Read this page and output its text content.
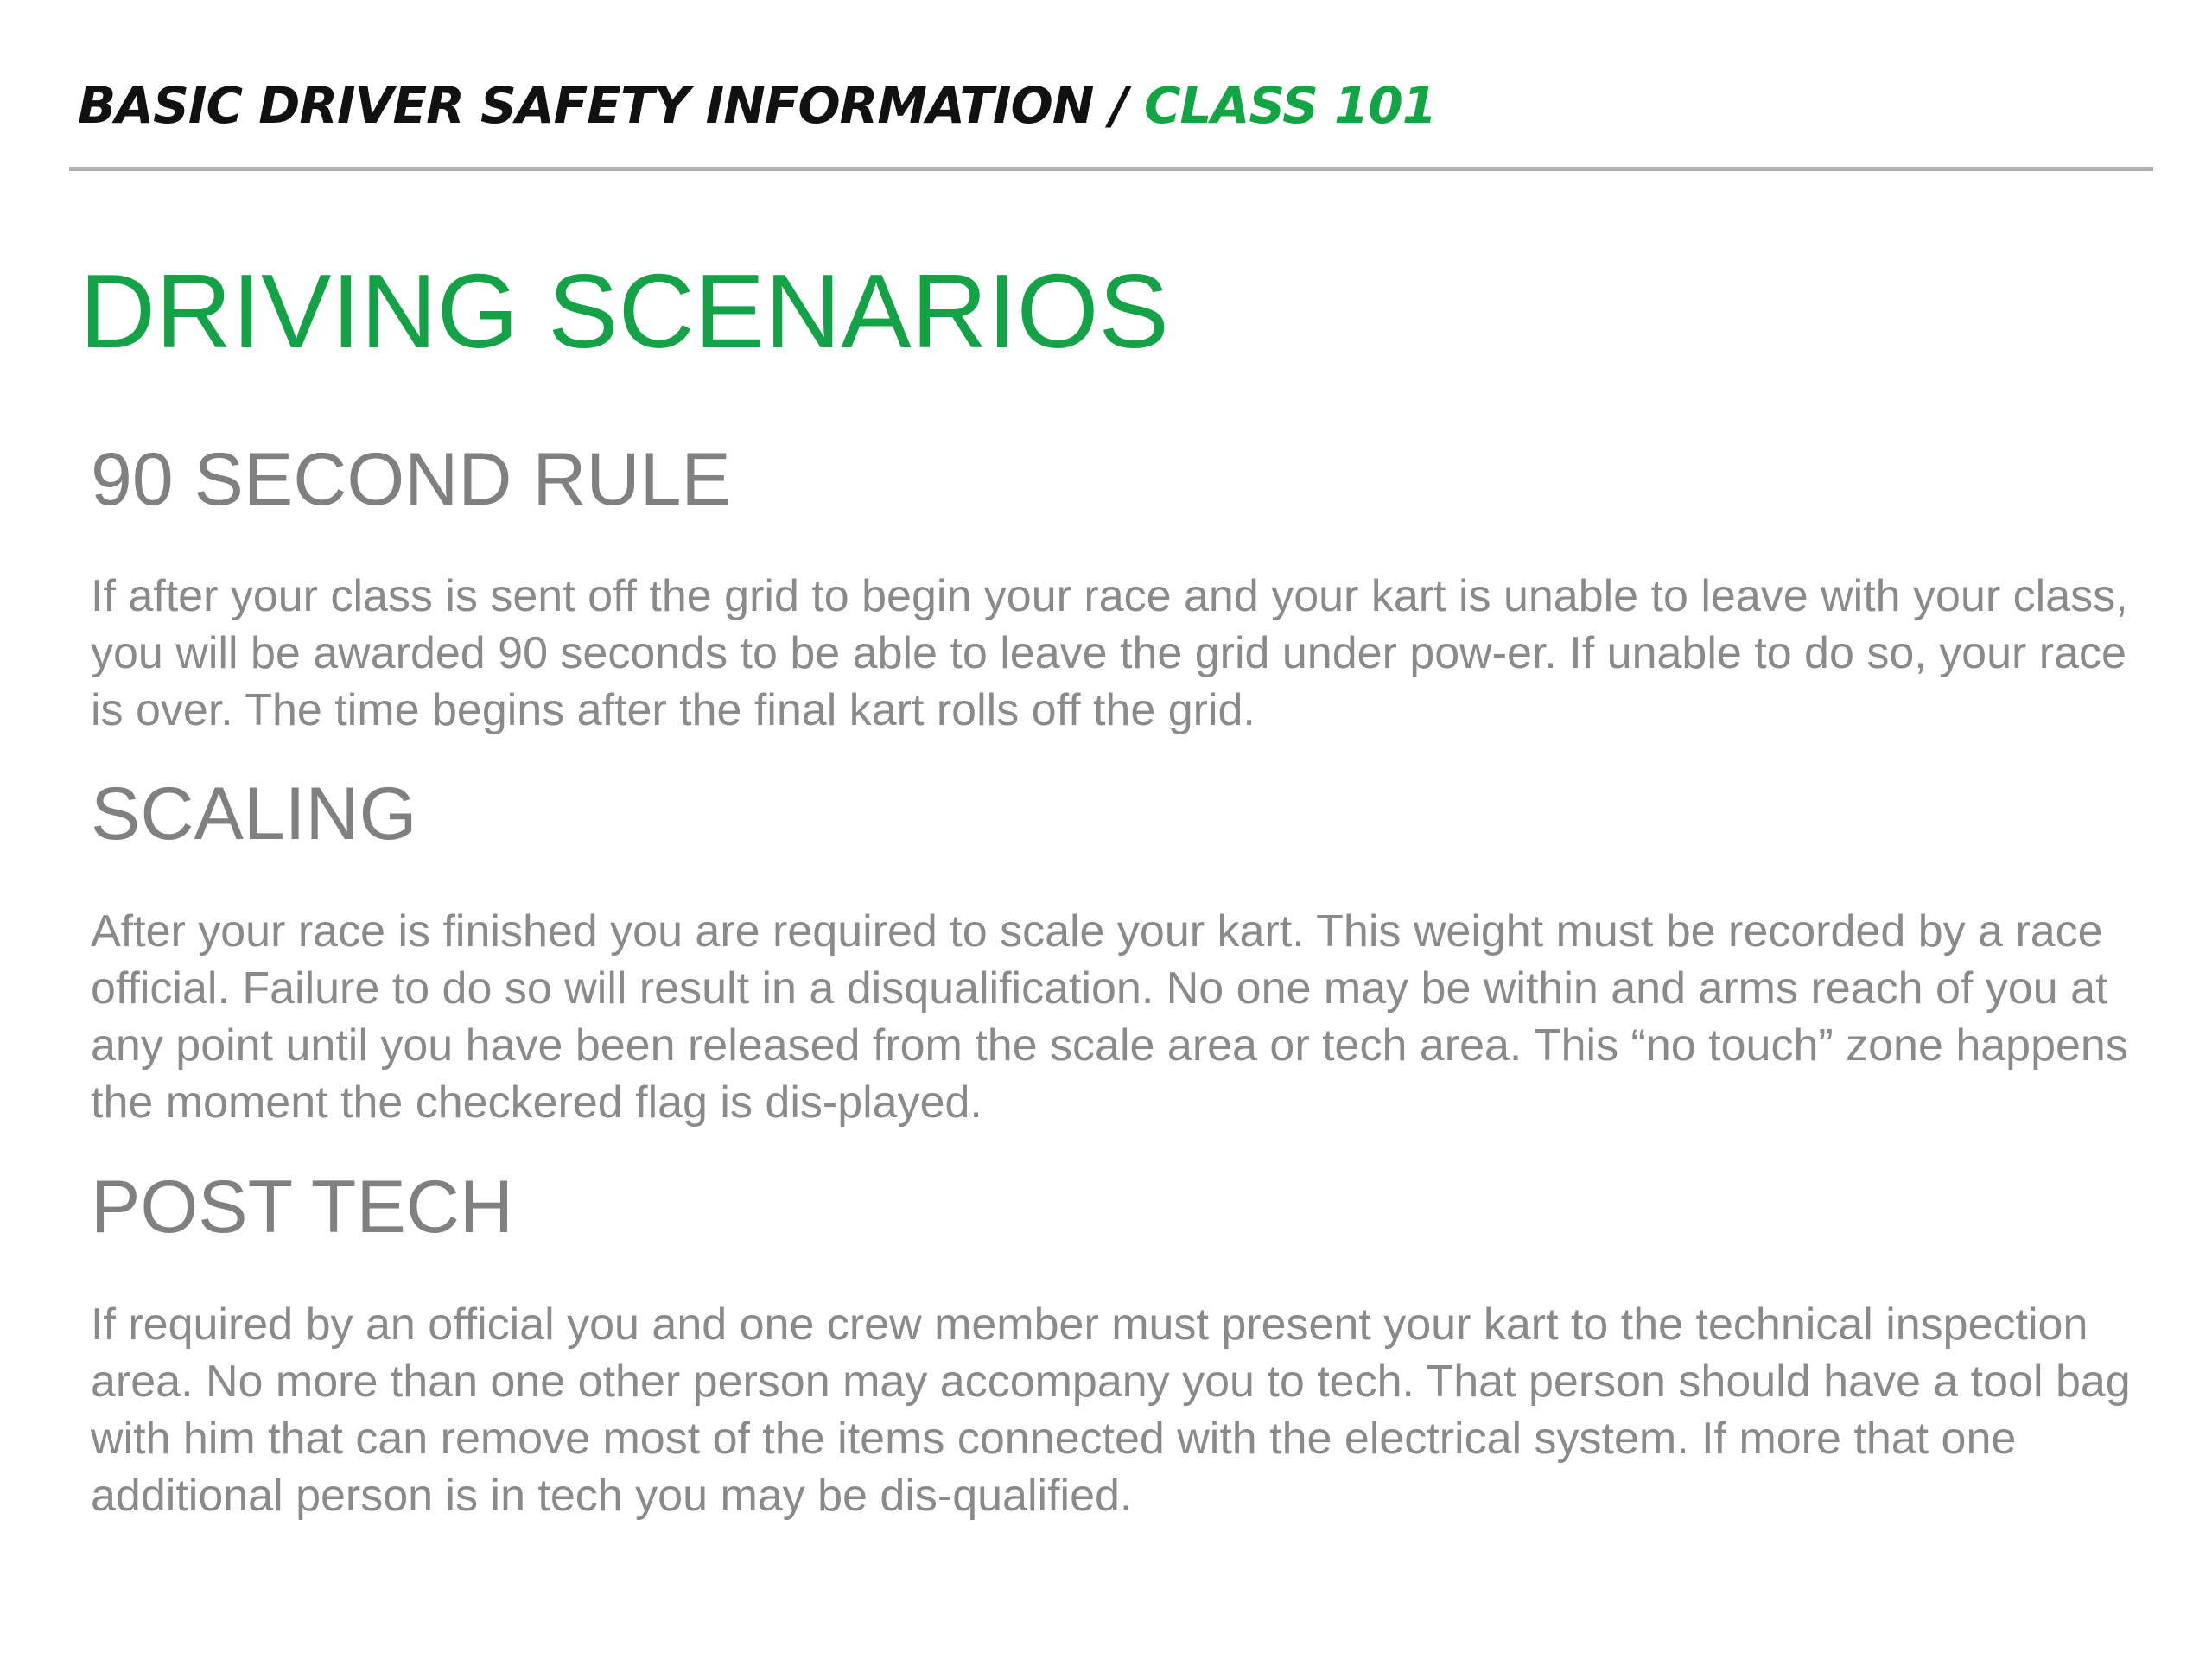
BASIC DRIVER SAFETY INFORMATION / CLASS 101
DRIVING SCENARIOS
90 SECOND RULE

If after your class is sent off the grid to begin your race and your kart is unable to leave with your class, you will be awarded 90 seconds to be able to leave the grid under pow-er. If unable to do so, your race is over. The time begins after the final kart rolls off the grid.

SCALING

After your race is finished you are required to scale your kart. This weight must be recorded by a race official. Failure to do so will result in a disqualification. No one may be within and arms reach of you at any point until you have been released from the scale area or tech area. This “no touch” zone happens the moment the checkered flag is dis-played.

POST TECH

If required by an official you and one crew member must present your kart to the technical inspection area. No more than one other person may accompany you to tech. That person should have a tool bag with him that can remove most of the items connected with the electrical system. If more that one additional person is in tech you may be dis-qualified.
